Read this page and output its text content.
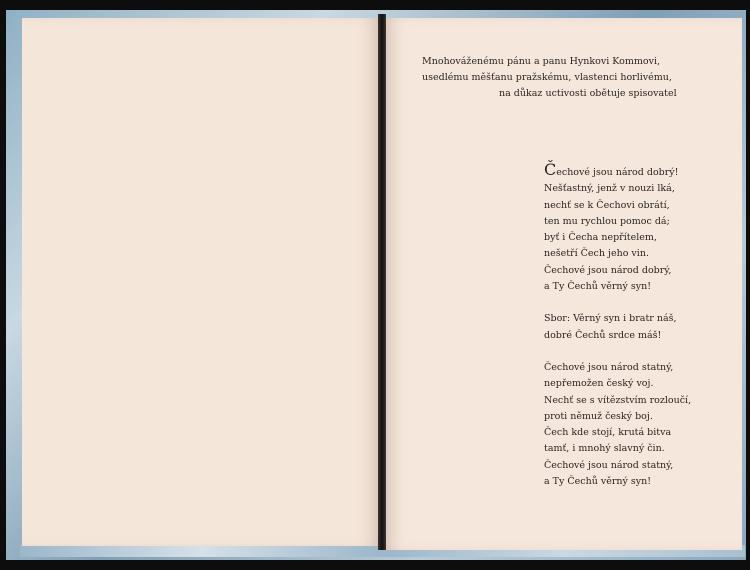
Mnohováženému pánu a panu Hynkovi Kommovi,
usedlému měšťanu pražskému, vlastenci horlivému,
na důkaz uctivosti obětuje spisovatel
Čechové jsou národ dobrý!
Nešťastný, jenž v nouzi lká,
nechť se k Čechovi obrátí,
ten mu rychlou pomoc dá;
byť i Čecha nepřítelem,
nešetří Čech jeho vin.
Čechové jsou národ dobrý,
a Ty Čechů věrný syn!
Sbor: Věrný syn i bratr náš,
dobré Čechů srdce máš!
Čechové jsou národ statný,
nepřemožen český voj.
Nechť se s vítězstvím rozloučí,
proti němuž český boj.
Čech kde stojí, krutá bitva
tamť, i mnohý slavný čin.
Čechové jsou národ statný,
a Ty Čechů věrný syn!
